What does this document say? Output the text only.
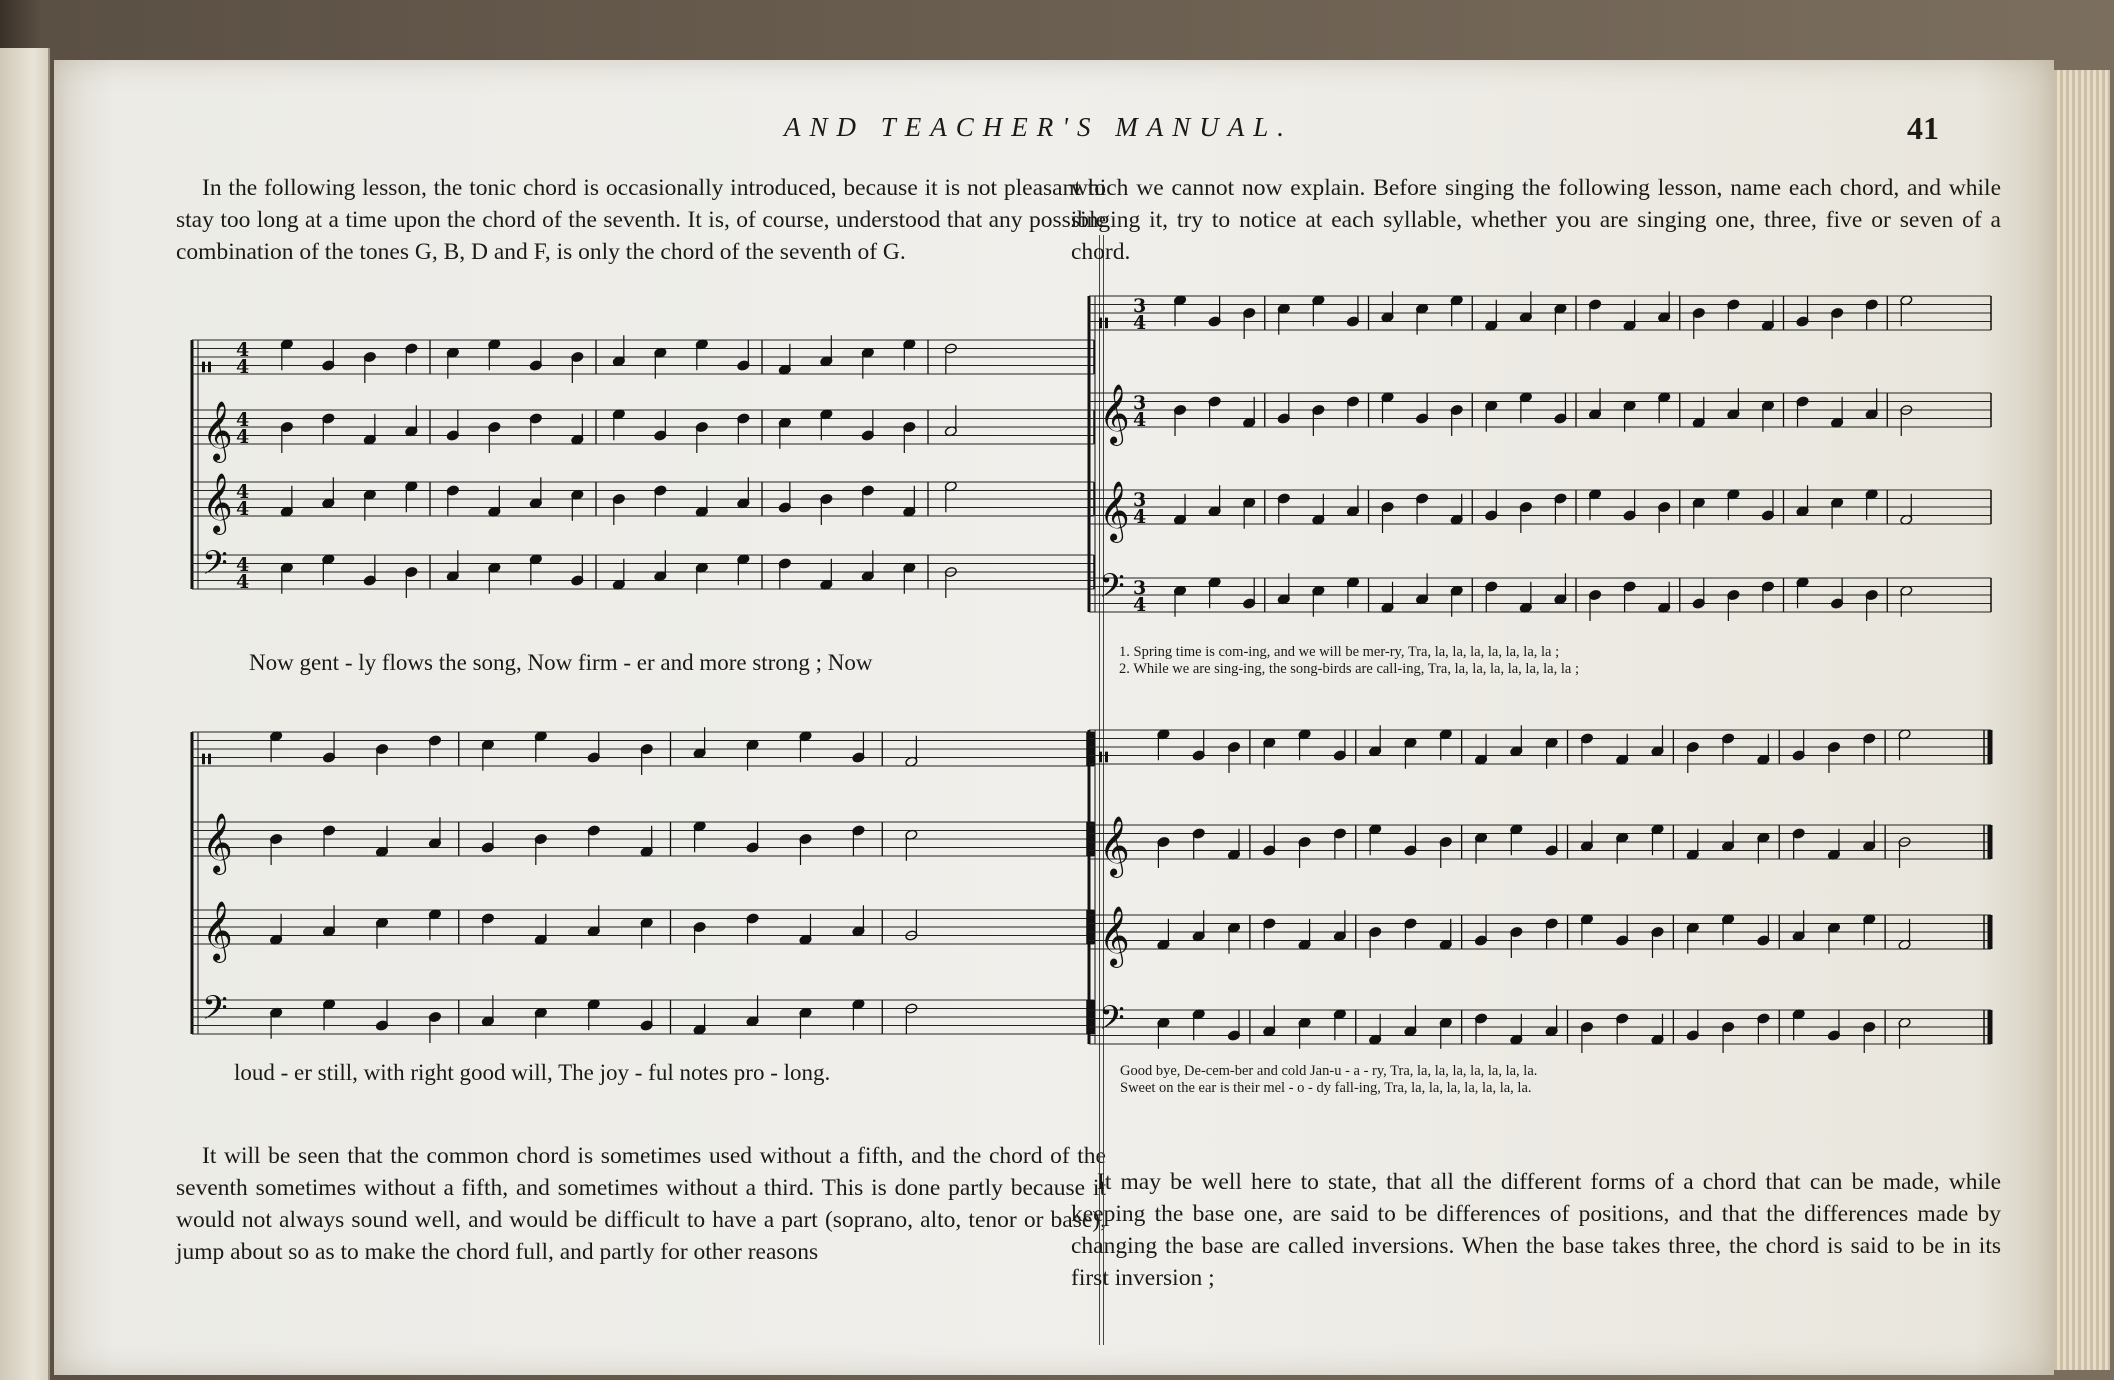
AND TEACHER'S MANUAL.	41

In the following lesson, the tonic chord is occasionally introduced, because it is not pleasant to stay too long at a time upon the chord of the seventh. It is, of course, understood that any possible combination of the tones G, B, D and F, is only the chord of the seventh of G.

𝄥
4
4
𝄞 4
4
𝄞 4
4
𝄢 4
4
Now gent - ly flows the song, Now firm - er and more strong ; Now
𝄥
𝄞
𝄞
𝄢
loud - er still, with right good will, The joy - ful notes pro - long.

It will be seen that the common chord is sometimes used without a fifth, and the chord of the seventh sometimes without a fifth, and sometimes without a third. This is done partly because it would not always sound well, and would be difficult to have a part (soprano, alto, tenor or base), jump about so as to make the chord full, and partly for other reasons

which we cannot now explain. Before singing the following lesson, name each chord, and while singing it, try to notice at each syllable, whether you are singing one, three, five or seven of a chord.

𝄥
3
4
𝄞 3
4
𝄞 3
4
𝄢 3
4
1. Spring time is com-ing, and we will be mer-ry, Tra, la, la, la, la, la, la, la ;
2. While we are sing-ing, the song-birds are call-ing, Tra, la, la, la, la, la, la, la ;
𝄥
𝄞
𝄞
𝄢
Good bye, De-cem-ber and cold Jan-u - a - ry, Tra, la, la, la, la, la, la, la.
Sweet on the ear is their mel - o - dy fall-ing, Tra, la, la, la, la, la, la, la.

It may be well here to state, that all the different forms of a chord that can be made, while keeping the base one, are said to be differences of positions, and that the differences made by changing the base are called inversions. When the base takes three, the chord is said to be in its first inversion ;
